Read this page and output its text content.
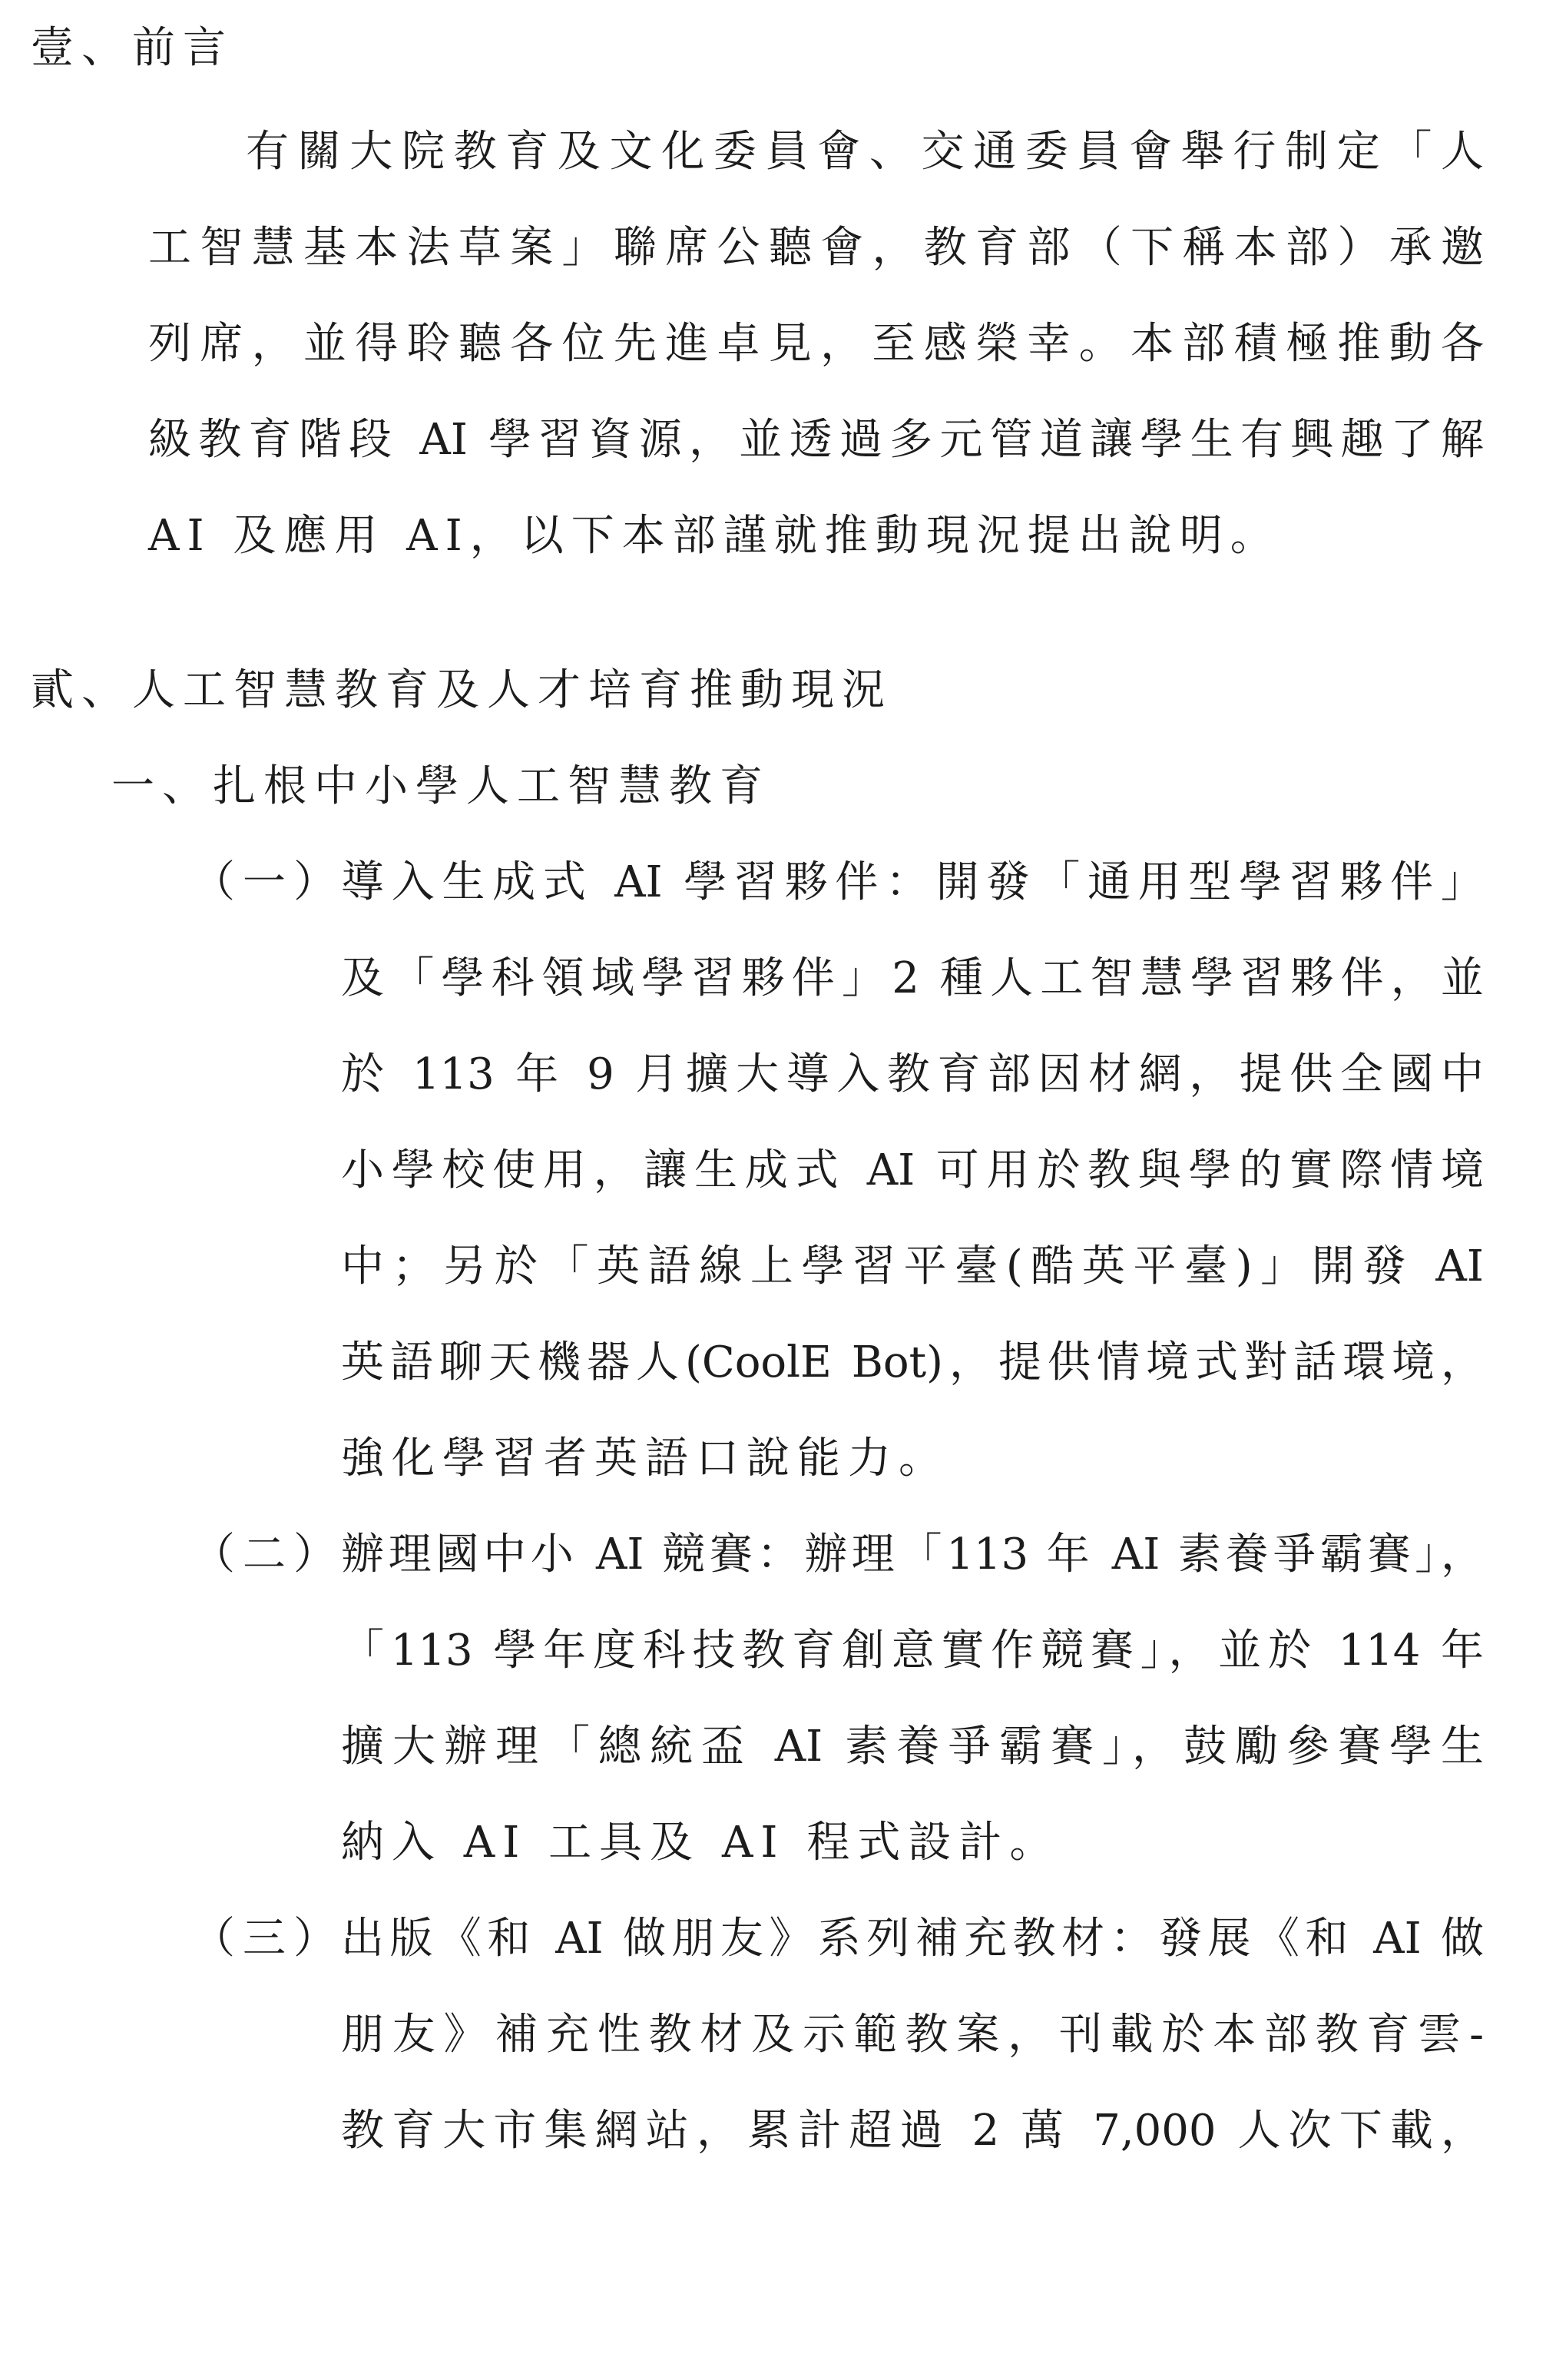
壹、前言
有關大院教育及文化委員會、交通委員會舉行制定「人
工智慧基本法草案」聯席公聽會，教育部（下稱本部）承邀
列席，並得聆聽各位先進卓見，至感榮幸。本部積極推動各
級教育階段 AI 學習資源，並透過多元管道讓學生有興趣了解
AI 及應用 AI，以下本部謹就推動現況提出說明。
貳、人工智慧教育及人才培育推動現況
一、扎根中小學人工智慧教育
（一）
導入生成式 AI 學習夥伴：開發「通用型學習夥伴」
及「學科領域學習夥伴」2 種人工智慧學習夥伴，並
於 113 年 9 月擴大導入教育部因材網，提供全國中
小學校使用，讓生成式 AI 可用於教與學的實際情境
中；另於「英語線上學習平臺(酷英平臺)」開發 AI
英語聊天機器人(CoolE Bot)，提供情境式對話環境，
強化學習者英語口說能力。
（二）
辦理國中小 AI 競賽：辦理「113 年 AI 素養爭霸賽」，
「113 學年度科技教育創意實作競賽」，並於 114 年
擴大辦理「總統盃 AI 素養爭霸賽」，鼓勵參賽學生
納入 AI 工具及 AI 程式設計。
（三）
出版《和 AI 做朋友》系列補充教材：發展《和 AI 做
朋友》補充性教材及示範教案，刊載於本部教育雲-
教育大市集網站，累計超過 2 萬 7,000 人次下載，
